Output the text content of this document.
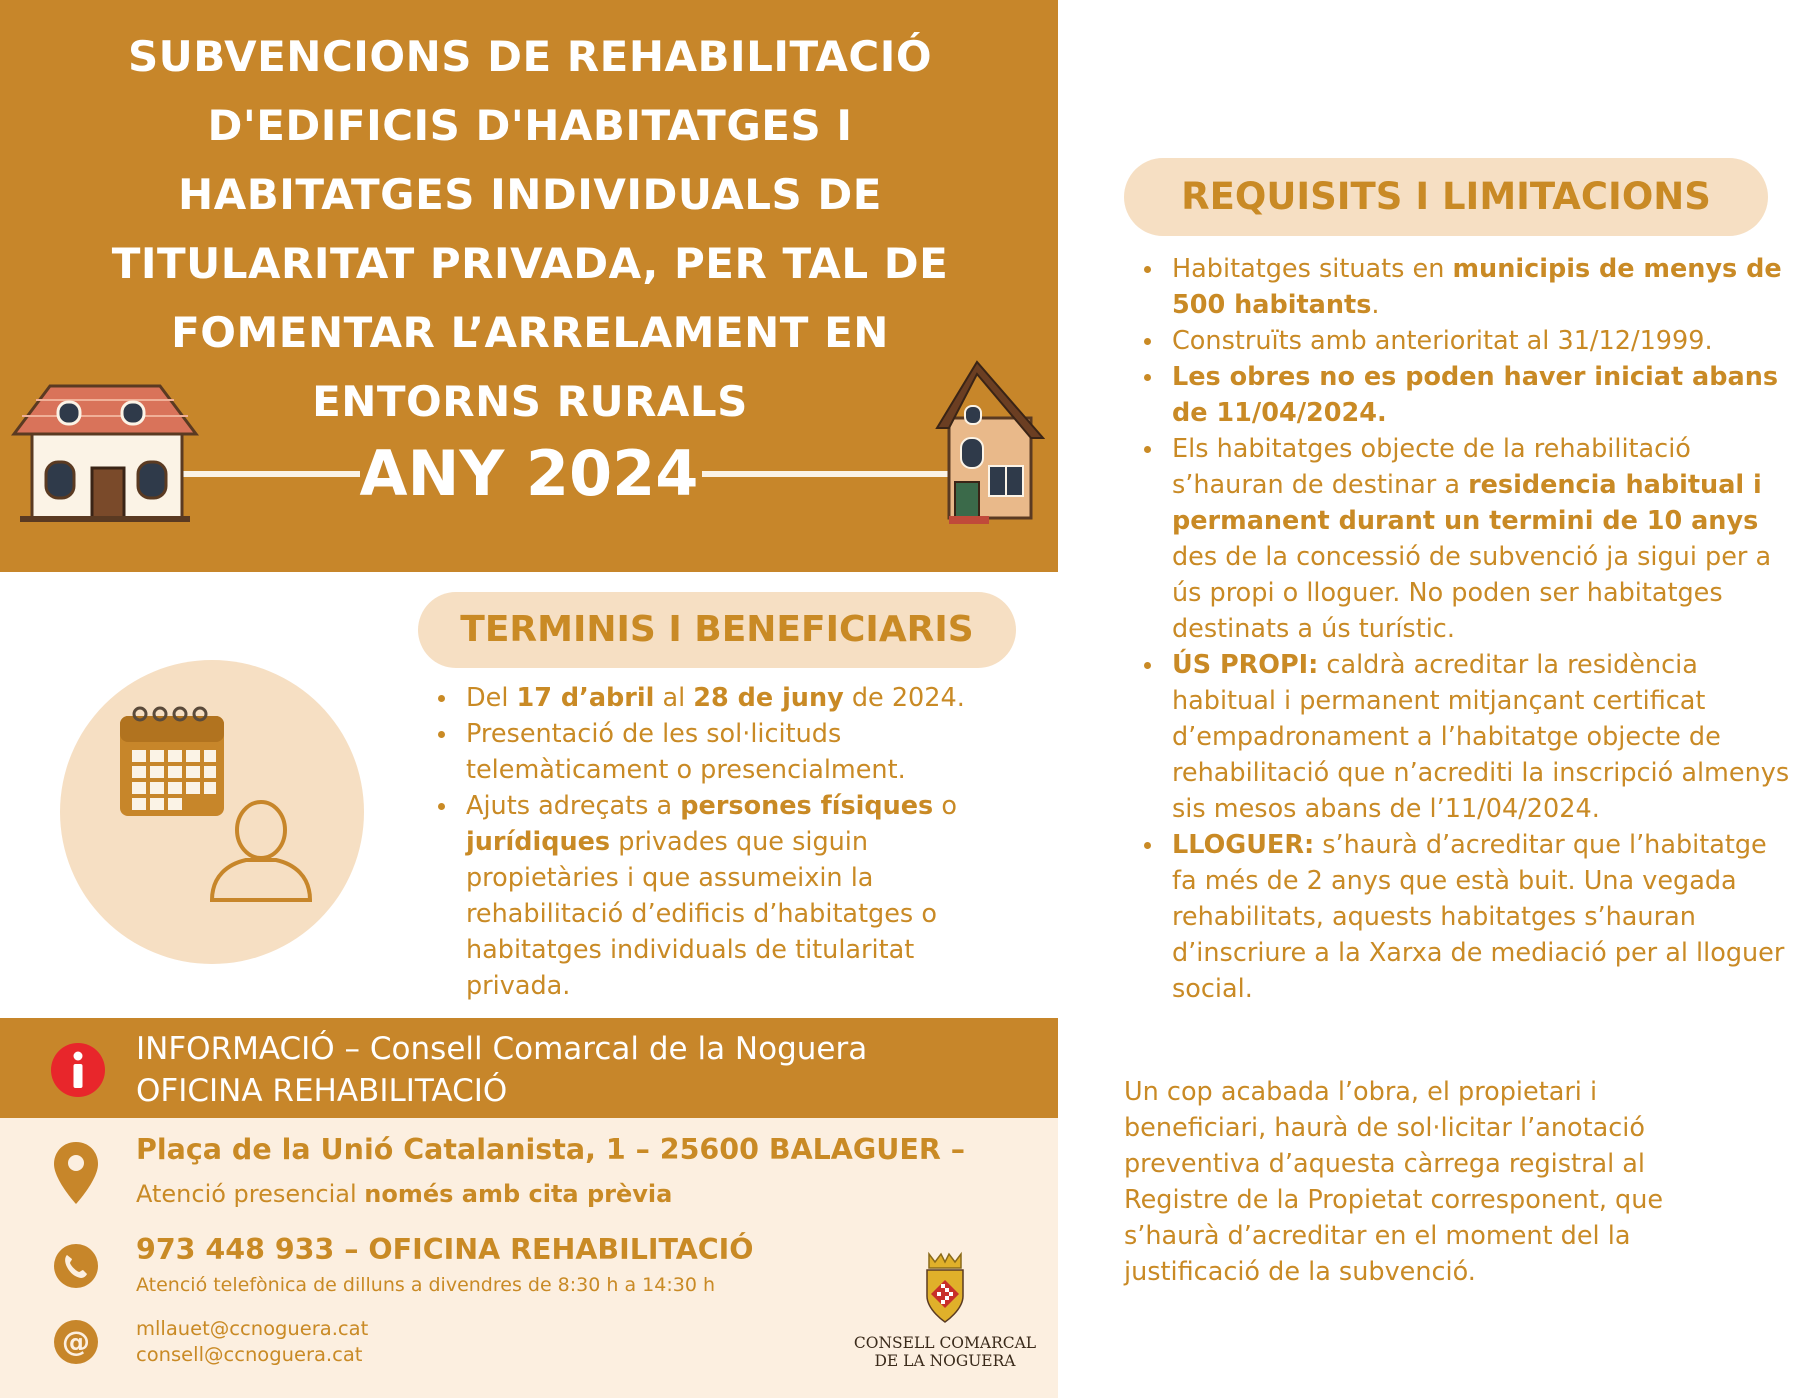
SUBVENCIONS DE REHABILITACIÓ
D'EDIFICIS D'HABITATGES I
HABITATGES INDIVIDUALS DE
TITULARITAT PRIVADA, PER TAL DE
FOMENTAR L’ARRELAMENT EN
ENTORNS RURALS
ANY 2024
TERMINIS I BENEFICIARIS
Del 17 d’abril al 28 de juny de 2024.
Presentació de les sol·licituds telemàticament o presencialment.
Ajuts adreçats a persones físiques o jurídiques privades que siguin propietàries i que assumeixin la rehabilitació d’edificis d’habitatges o habitatges individuals de titularitat privada.
REQUISITS I LIMITACIONS
Habitatges situats en municipis de menys de 500 habitants.
Construïts amb anterioritat al 31/12/1999.
Les obres no es poden haver iniciat abans de 11/04/2024.
Els habitatges objecte de la rehabilitació s’hauran de destinar a residencia habitual i permanent durant un termini de 10 anys des de la concessió de subvenció ja sigui per a ús propi o lloguer. No poden ser habitatges destinats a ús turístic.
ÚS PROPI: caldrà acreditar la residència habitual i permanent mitjançant certificat d’empadronament a l’habitatge objecte de rehabilitació que n’acrediti la inscripció almenys sis mesos abans de l’11/04/2024.
LLOGUER: s’haurà d’acreditar que l’habitatge fa més de 2 anys que està buit. Una vegada rehabilitats, aquests habitatges s’hauran d’inscriure a la Xarxa de mediació per al lloguer social.
INFORMACIÓ – Consell Comarcal de la Noguera
OFICINA REHABILITACIÓ
Plaça de la Unió Catalanista, 1 – 25600 BALAGUER –
Atenció presencial només amb cita prèvia
973 448 933 – OFICINA REHABILITACIÓ
Atenció telefònica de dilluns a divendres de 8:30 h a 14:30 h
@ mllauet@ccnoguera.cat
consell@ccnoguera.cat	CONSELL COMARCAL
DE LA NOGUERA

Un cop acabada l’obra, el propietari i
beneficiari, haurà de sol·licitar l’anotació
preventiva d’aquesta càrrega registral al
Registre de la Propietat corresponent, que
s’haurà d’acreditar en el moment del la
justificació de la subvenció.
